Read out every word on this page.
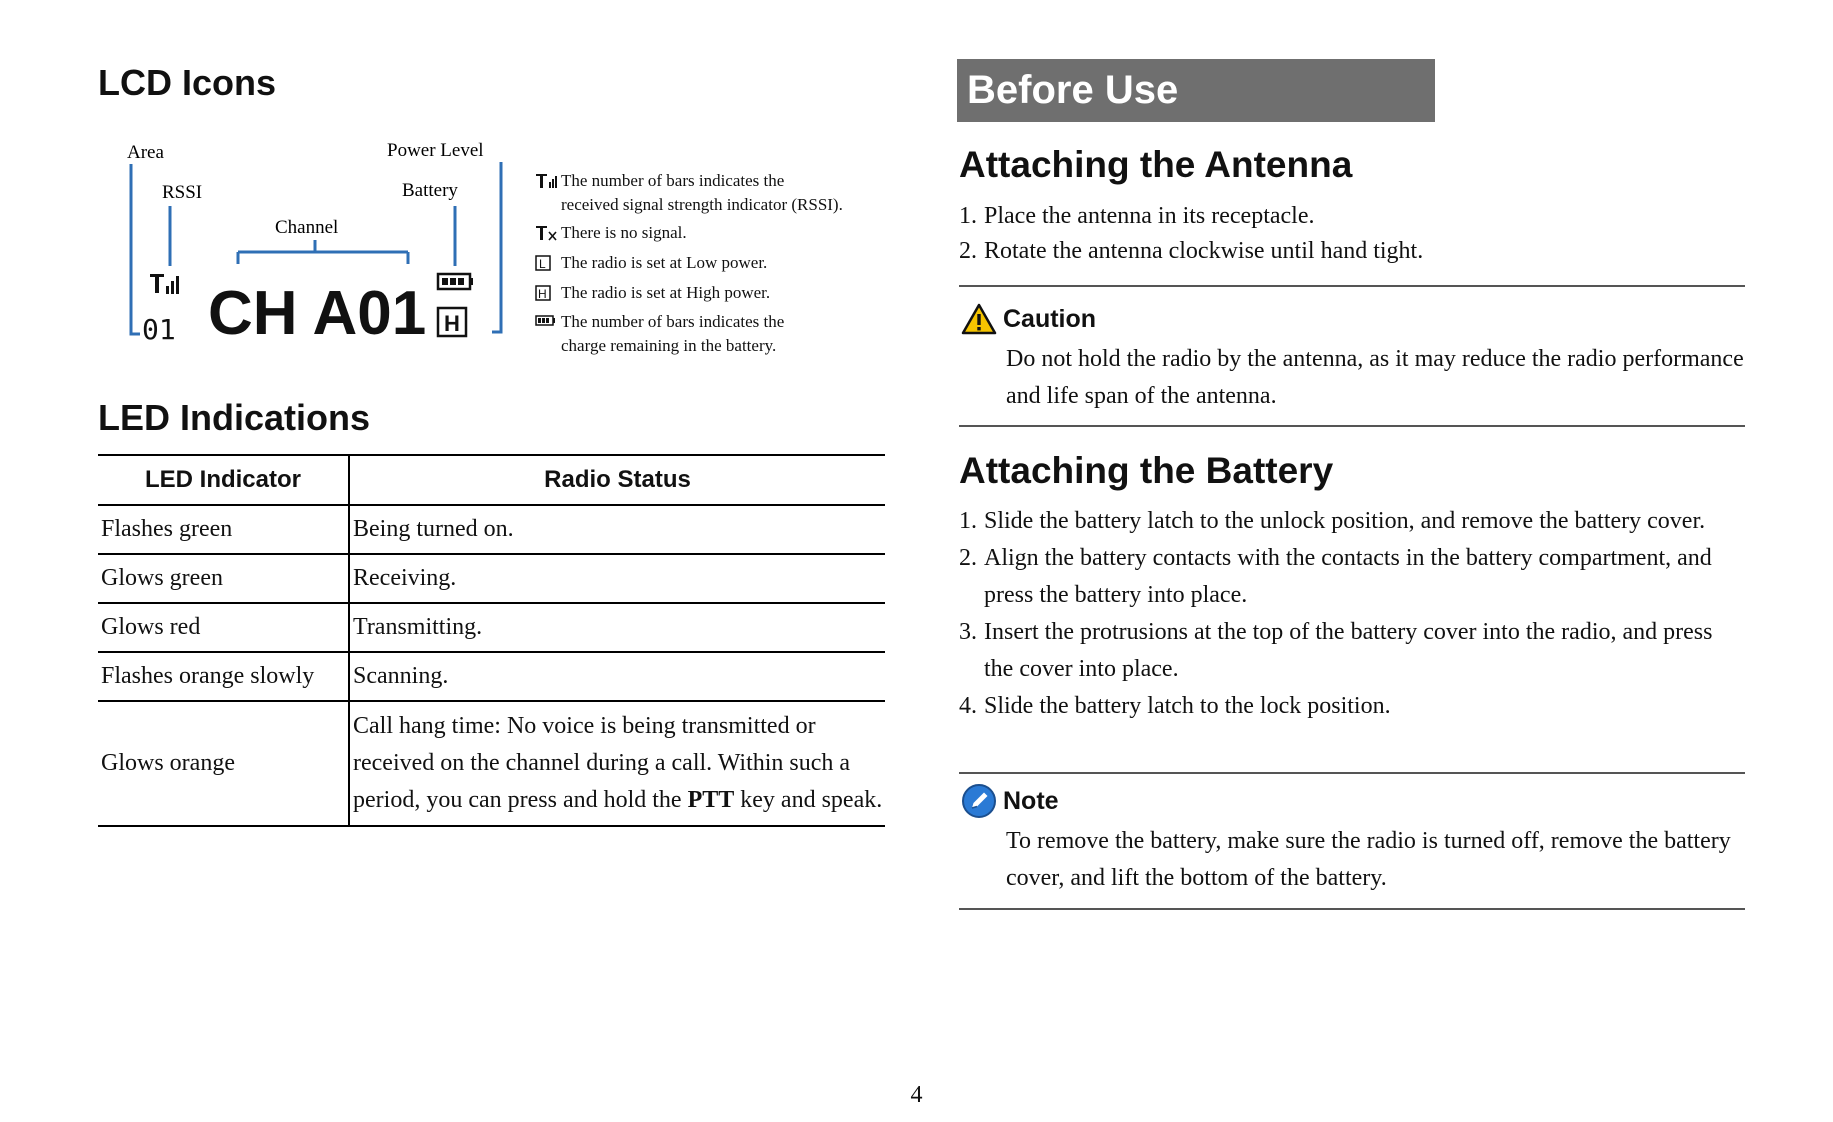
LCD Icons
Area
RSSI
Channel
Power Level
Battery
01 CH A01 H
The number of bars indicates the
received signal strength indicator (RSSI).
There is no signal.
L The radio is set at Low power.
H The radio is set at High power.
The number of bars indicates the
charge remaining in the battery.
LED Indications
LED Indicator	Radio Status
Flashes green	Being turned on.
Glows green	Receiving.
Glows red	Transmitting.
Flashes orange slowly	Scanning.
Glows orange	Call hang time: No voice is being transmitted or received on the channel during a call. Within such a period, you can press and hold the PTT key and speak.
Before Use
Attaching the Antenna
1. Place the antenna in its receptacle.
2. Rotate the antenna clockwise until hand tight.
Caution

Do not hold the radio by the antenna, as it may reduce the radio performance and life span of the antenna.

Attaching the Battery
1. Slide the battery latch to the unlock position, and remove the battery cover.
2. Align the battery contacts with the contacts in the battery compartment, and press the battery into place.
3. Insert the protrusions at the top of the battery cover into the radio, and press the cover into place.
4. Slide the battery latch to the lock position.
Note

To remove the battery, make sure the radio is turned off, remove the battery cover, and lift the bottom of the battery.

4
